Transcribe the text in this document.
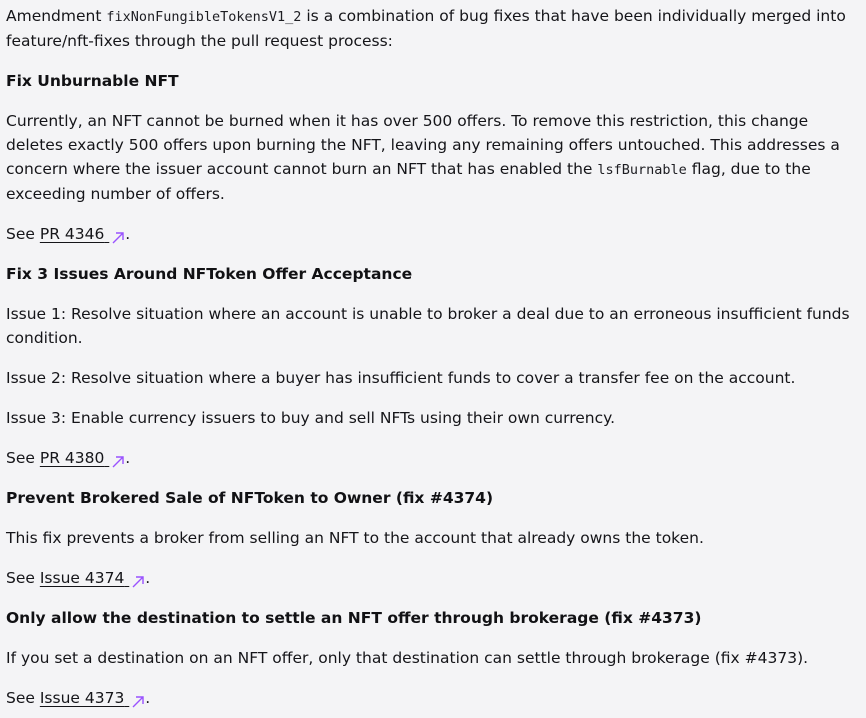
Amendment fixNonFungibleTokensV1_2 is a combination of bug fixes that have been individually merged into feature/nft-fixes through the pull request process:

Fix Unburnable NFT

Currently, an NFT cannot be burned when it has over 500 offers. To remove this restriction, this change deletes exactly 500 offers upon burning the NFT, leaving any remaining offers untouched. This addresses a concern where the issuer account cannot burn an NFT that has enabled the lsfBurnable flag, due to the exceeding number of offers.

See PR 4346 .

Fix 3 Issues Around NFToken Offer Acceptance

Issue 1: Resolve situation where an account is unable to broker a deal due to an erroneous insufficient funds condition.

Issue 2: Resolve situation where a buyer has insufficient funds to cover a transfer fee on the account.

Issue 3: Enable currency issuers to buy and sell NFTs using their own currency.

See PR 4380 .

Prevent Brokered Sale of NFToken to Owner (fix #4374)

This fix prevents a broker from selling an NFT to the account that already owns the token.

See Issue 4374 .

Only allow the destination to settle an NFT offer through brokerage (fix #4373)

If you set a destination on an NFT offer, only that destination can settle through brokerage (fix #4373).

See Issue 4373 .
